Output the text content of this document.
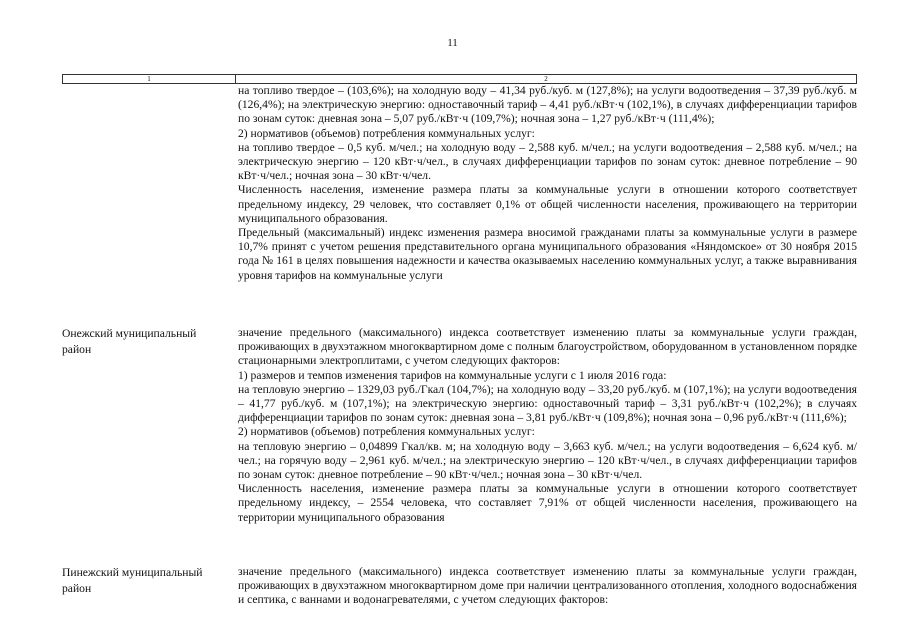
11
1	2

на топливо твердое – (103,6%); на холодную воду – 41,34 руб./куб. м (127,8%); на услуги водоотведения – 37,39 руб./куб. м (126,4%); на электрическую энергию: одноставочный тариф – 4,41 руб./кВт·ч (102,1%), в случаях дифференциации тарифов по зонам суток: дневная зона – 5,07 руб./кВт·ч (109,7%); ночная зона – 1,27 руб./кВт·ч (111,4%);

2) нормативов (объемов) потребления коммунальных услуг:

на топливо твердое – 0,5 куб. м/чел.; на холодную воду – 2,588 куб. м/чел.; на услуги водоотведения – 2,588 куб. м/чел.; на электрическую энергию – 120 кВт·ч/чел., в случаях дифференциации тарифов по зонам суток: дневное потребление – 90 кВт·ч/чел.; ночная зона – 30 кВт·ч/чел.

Численность населения, изменение размера платы за коммунальные услуги в отношении которого соответствует предельному индексу, 29 человек, что составляет 0,1% от общей численности населения, проживающего на территории муниципального образования.

Предельный (максимальный) индекс изменения размера вносимой гражданами платы за коммунальные услуги в размере 10,7% принят с учетом решения представительного органа муниципального образования «Няндомское» от 30 ноября 2015 года № 161 в целях повышения надежности и качества оказываемых населению коммунальных услуг, а также выравнивания уровня тарифов на коммунальные услуги

Онежский муниципальный район

значение предельного (максимального) индекса соответствует изменению платы за коммунальные услуги граждан, проживающих в двухэтажном многоквартирном доме с полным благоустройством, оборудованном в установленном порядке стационарными электроплитами, с учетом следующих факторов:

1) размеров и темпов изменения тарифов на коммунальные услуги с 1 июля 2016 года:

на тепловую энергию – 1329,03 руб./Гкал (104,7%); на холодную воду – 33,20 руб./куб. м (107,1%); на услуги водоотведения – 41,77 руб./куб. м (107,1%); на электрическую энергию: одноставочный тариф – 3,31 руб./кВт·ч (102,2%); в случаях дифференциации тарифов по зонам суток: дневная зона – 3,81 руб./кВт·ч (109,8%); ночная зона – 0,96 руб./кВт·ч (111,6%);

2) нормативов (объемов) потребления коммунальных услуг:

на тепловую энергию – 0,04899 Гкал/кв. м; на холодную воду – 3,663 куб. м/чел.; на услуги водоотведения – 6,624 куб. м/чел.; на горячую воду – 2,961 куб. м/чел.; на электрическую энергию – 120 кВт·ч/чел., в случаях дифференциации тарифов по зонам суток: дневное потребление – 90 кВт·ч/чел.; ночная зона – 30 кВт·ч/чел.

Численность населения, изменение размера платы за коммунальные услуги в отношении которого соответствует предельному индексу, – 2554 человека, что составляет 7,91% от общей численности населения, проживающего на территории муниципального образования

Пинежский муниципальный район

значение предельного (максимального) индекса соответствует изменению платы за коммунальные услуги граждан, проживающих в двухэтажном многоквартирном доме при наличии централизованного отопления, холодного водоснабжения и септика, с ваннами и водонагревателями, с учетом следующих факторов:
